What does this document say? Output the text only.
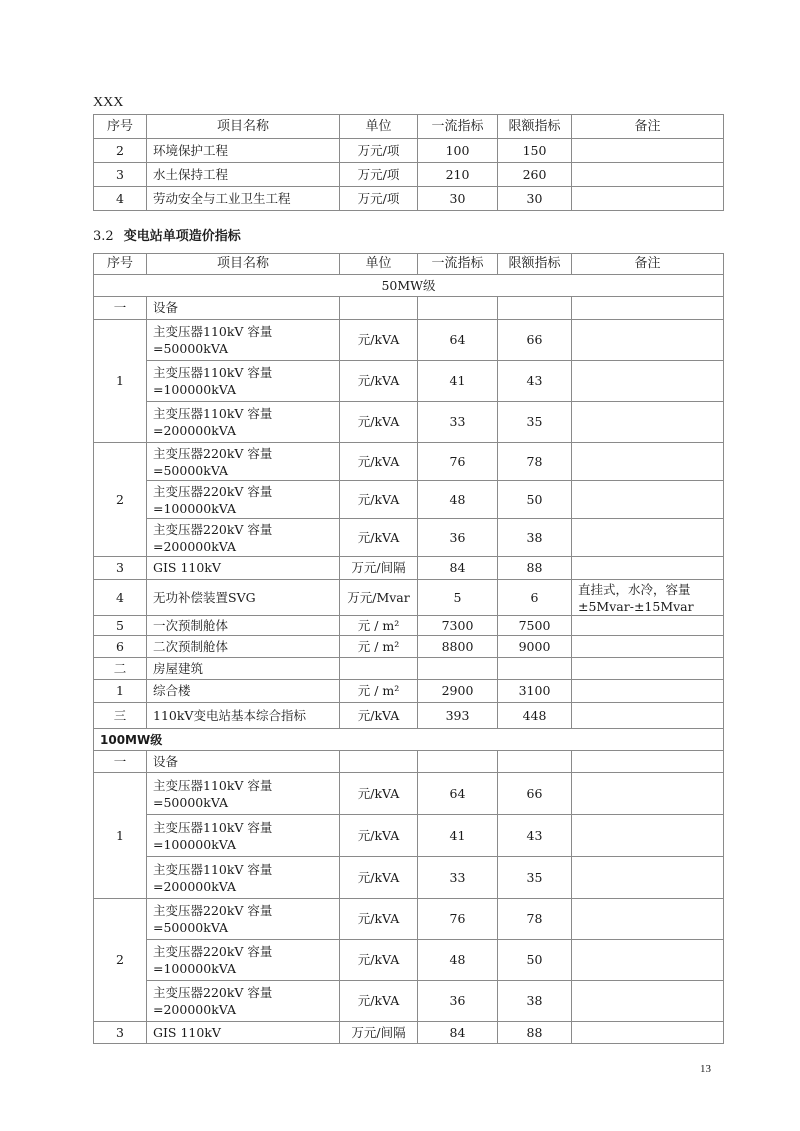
XXX
序号	项目名称	单位	一流指标	限额指标	备注
2	环境保护工程	万元/项	100	150	
3	水土保持工程	万元/项	210	260	
4	劳动安全与工业卫生工程	万元/项	30	30	
3.2 变电站单项造价指标
序号	项目名称	单位	一流指标	限额指标	备注
50MW级					
一	设备				
1	主变压器110kV 容量=50000kVA	元/kVA	64	66	
	主变压器110kV 容量=100000kVA	元/kVA	41	43	
	主变压器110kV 容量=200000kVA	元/kVA	33	35	
2	主变压器220kV 容量=50000kVA	元/kVA	76	78	
	主变压器220kV 容量=100000kVA	元/kVA	48	50	
	主变压器220kV 容量=200000kVA	元/kVA	36	38	
3	GIS 110kV	万元/间隔	84	88	
4	无功补偿装置SVG	万元/Mvar	5	6	直挂式，水冷，容量±5Mvar-±15Mvar
5	一次预制舱体	元 / m²	7300	7500	
6	二次预制舱体	元 / m²	8800	9000	
二	房屋建筑				
1	综合楼	元 / m²	2900	3100	
三	110kV变电站基本综合指标	元/kVA	393	448	
100MW级					
一	设备				
1	主变压器110kV 容量=50000kVA	元/kVA	64	66	
	主变压器110kV 容量=100000kVA	元/kVA	41	43	
	主变压器110kV 容量=200000kVA	元/kVA	33	35	
2	主变压器220kV 容量=50000kVA	元/kVA	76	78	
	主变压器220kV 容量=100000kVA	元/kVA	48	50	
	主变压器220kV 容量=200000kVA	元/kVA	36	38	
3	GIS 110kV	万元/间隔	84	88	
13
